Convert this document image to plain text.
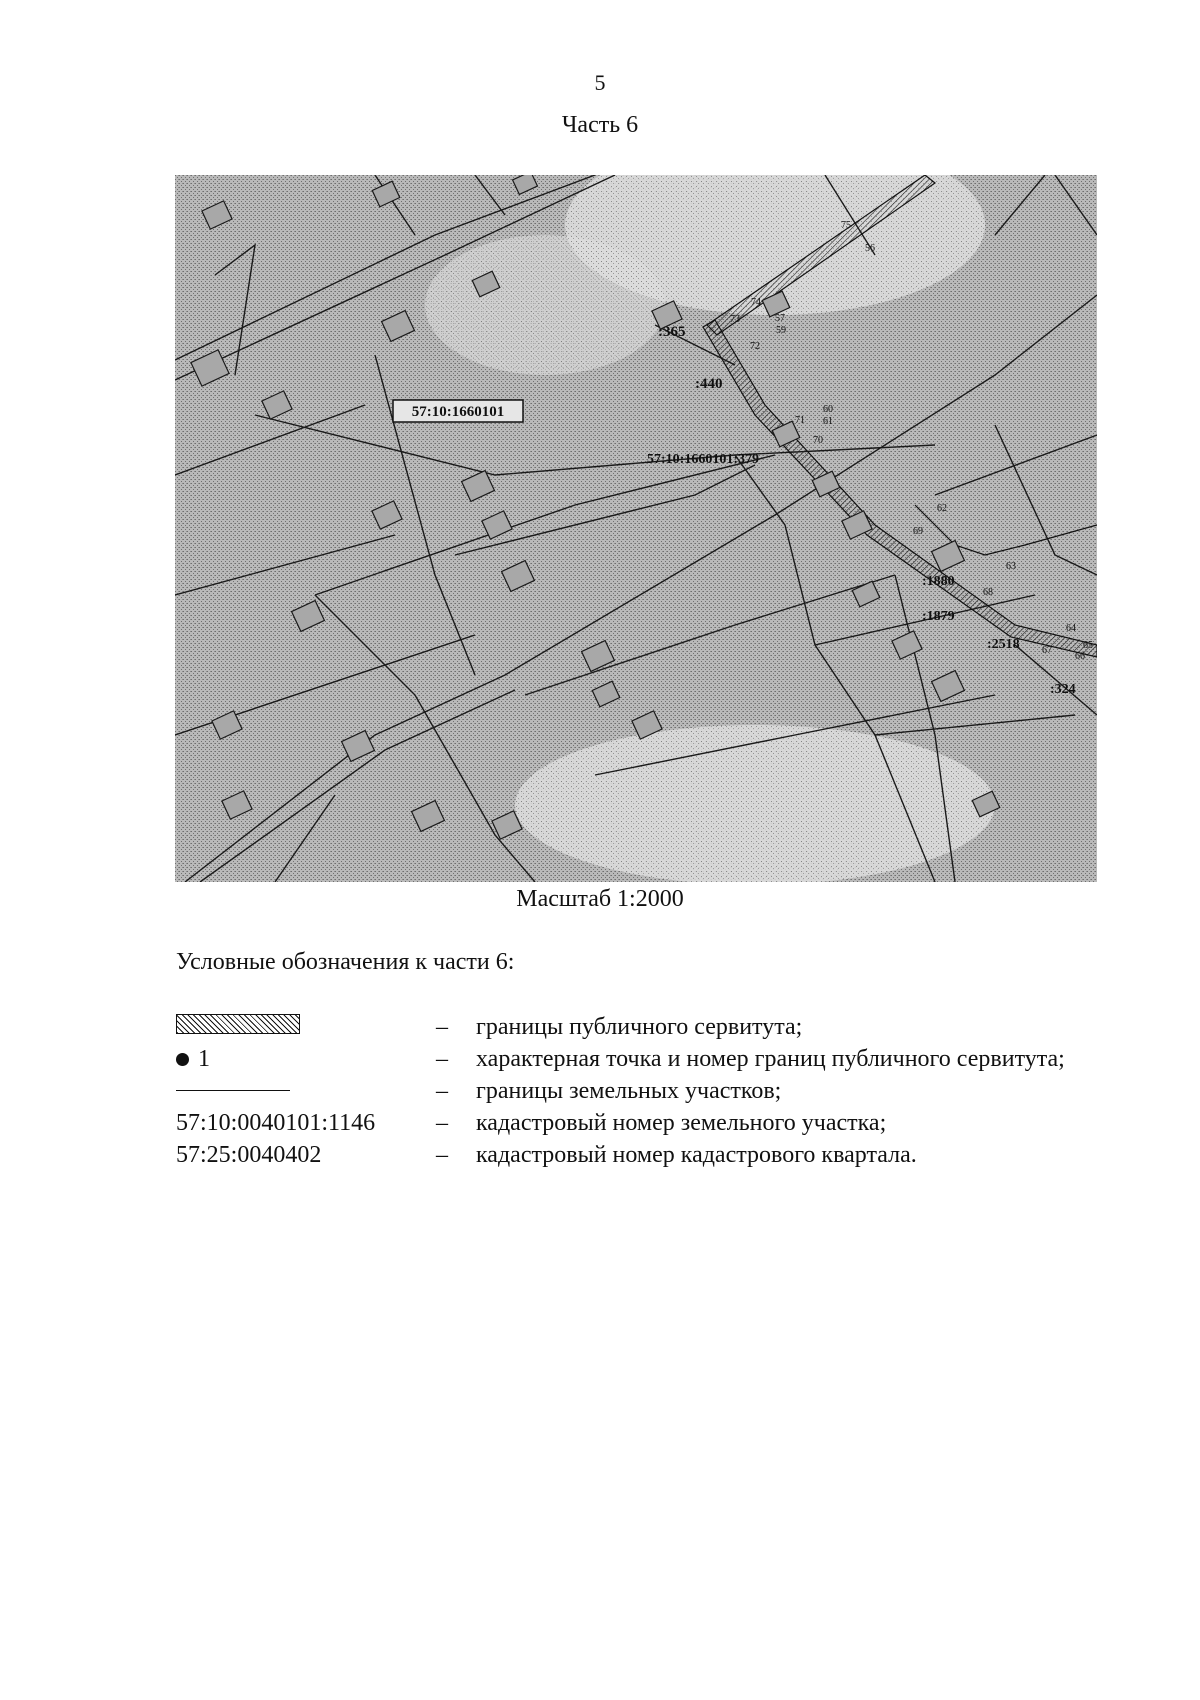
5
Часть 6
57:10:1660101
:365
:440
57:10:1660101:379
:1880
:1879
:2518
:324
75
56
74
73	57
59
72
71
60
61
70
62
69
63
68
64
65
66
67
Масштаб 1:2000
Условные обозначения к части 6:
–	границы публичного сервитута;
1	–	характерная точка и номер границ публичного сервитута;
–	границы земельных участков;
57:10:0040101:1146	–	кадастровый номер земельного участка;
57:25:0040402	–	кадастровый номер кадастрового квартала.
